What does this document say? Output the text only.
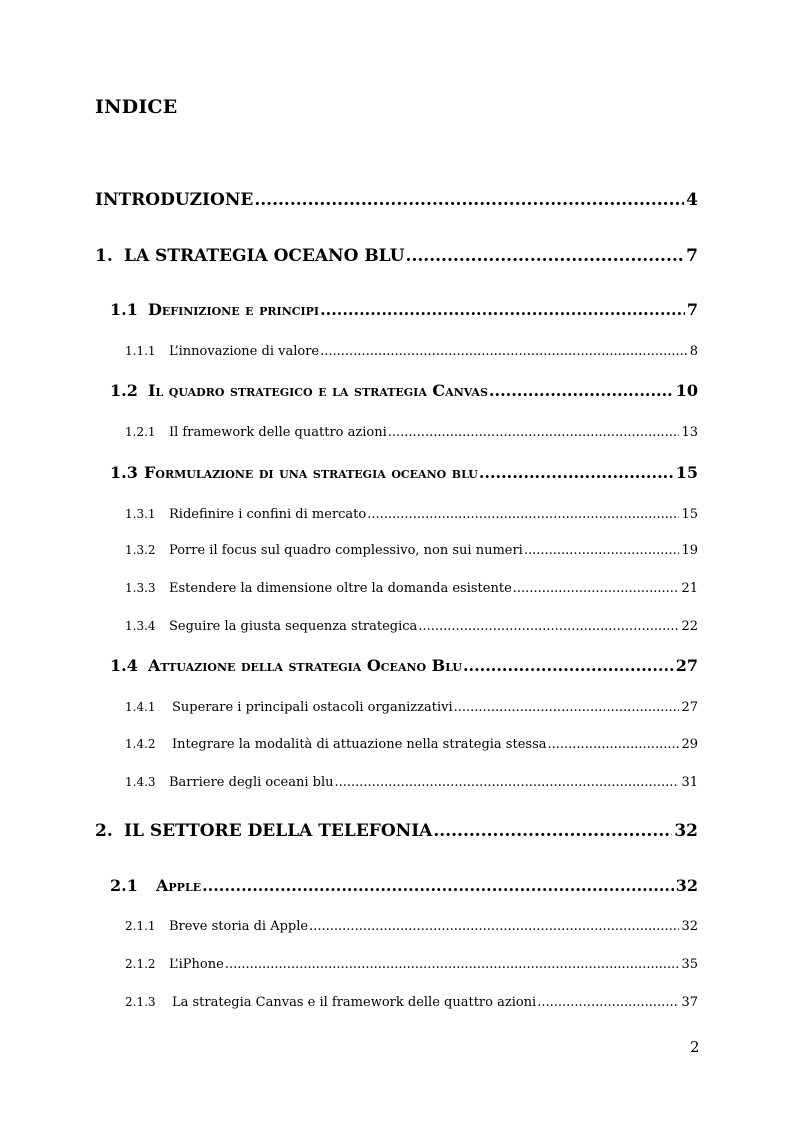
INDICE
INTRODUZIONE .....	4
1. LA STRATEGIA OCEANO BLU .....	7
1.1 Definizione e principi .....	7
1.1.1	L’innovazione di valore .....	8
1.2 Il quadro strategico e la strategia Canvas .....	10
1.2.1	Il framework delle quattro azioni .....	13
1.3 Formulazione di una strategia oceano blu .....	15
1.3.1	Ridefinire i confini di mercato .....	15
1.3.2	Porre il focus sul quadro complessivo, non sui numeri .....	19
1.3.3	Estendere la dimensione oltre la domanda esistente .....	21
1.3.4	Seguire la giusta sequenza strategica .....	22
1.4 Attuazione della strategia Oceano Blu .....	27
1.4.1	Superare i principali ostacoli organizzativi .....	27
1.4.2	Integrare la modalità di attuazione nella strategia stessa .....	29
1.4.3	Barriere degli oceani blu .....	31
2. IL SETTORE DELLA TELEFONIA .....	32
2.1	Apple .....	32
2.1.1	Breve storia di Apple .....	32
2.1.2	L’iPhone .....	35
2.1.3	La strategia Canvas e il framework delle quattro azioni .....	37
2
